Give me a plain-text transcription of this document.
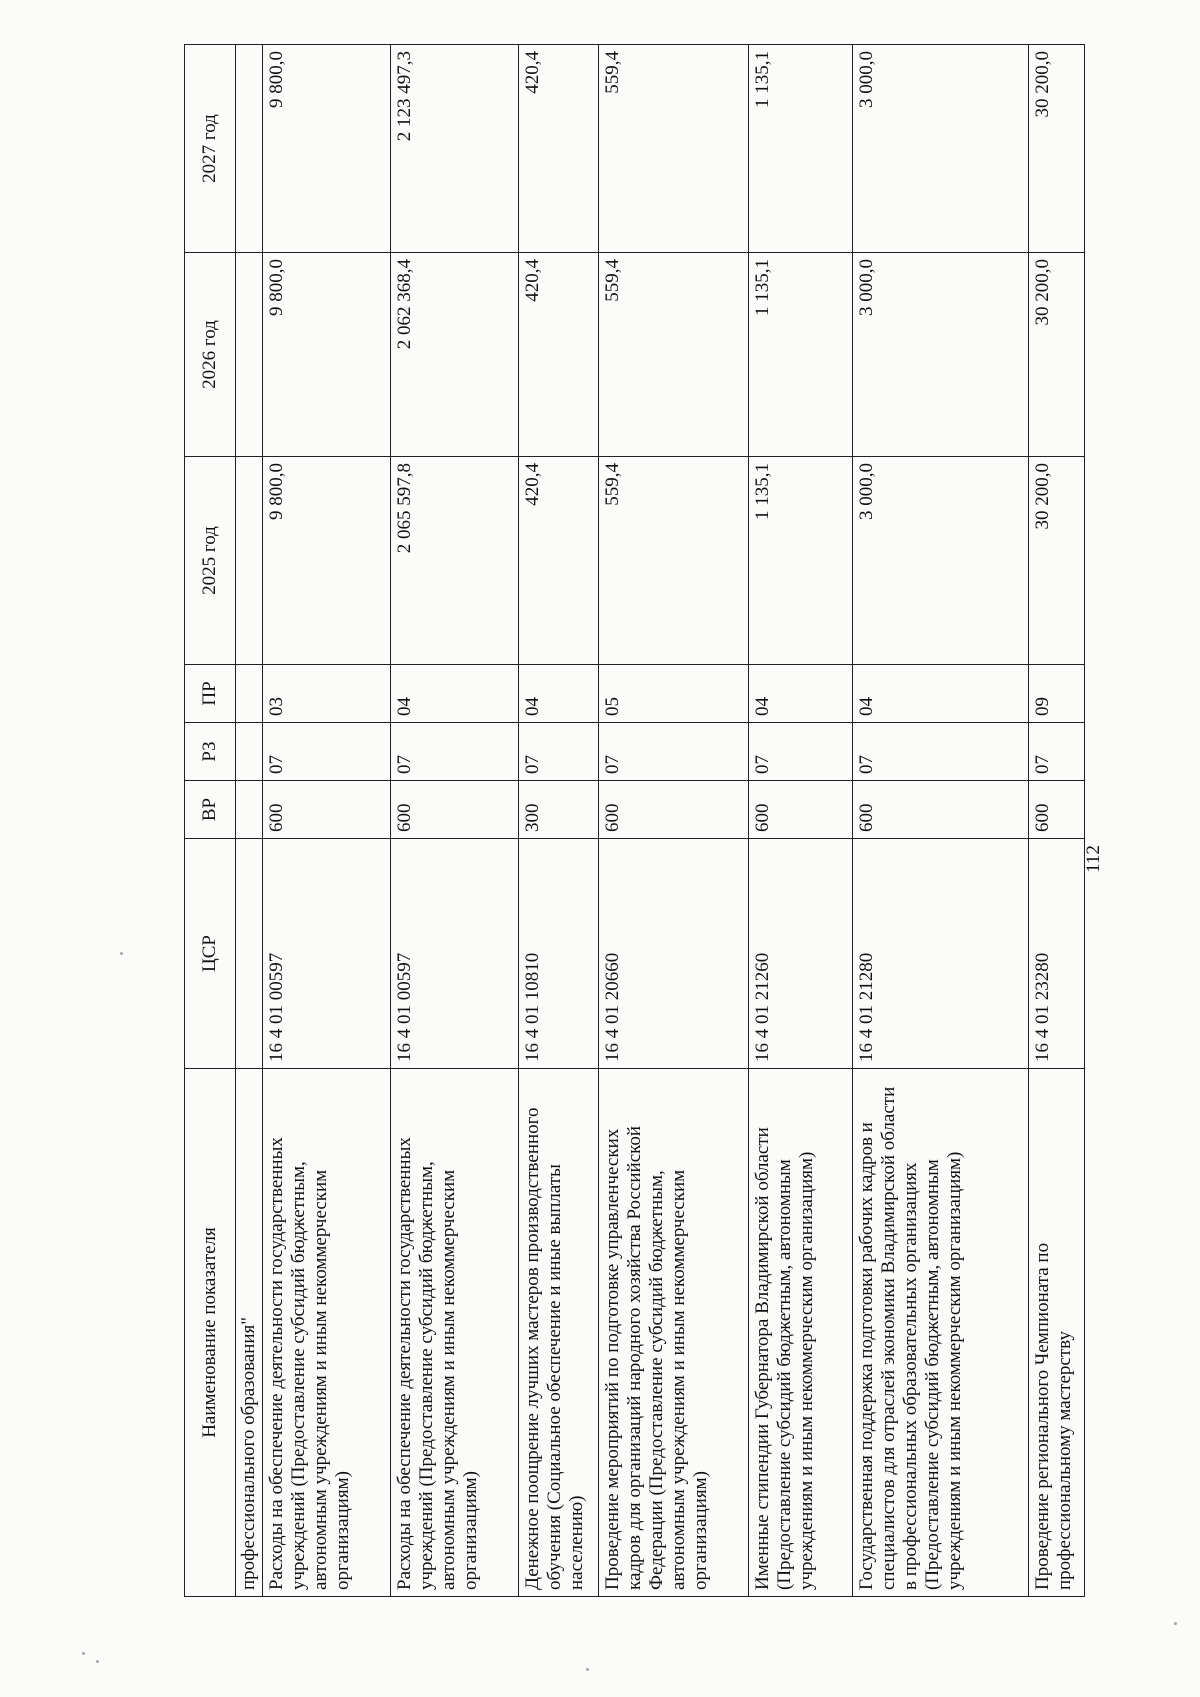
112
Наименование показателя	ЦСР	ВР	РЗ	ПР	2025 год	2026 год	2027 год
профессионального образования"							
Расходы на обеспечение деятельности государственных учреждений (Предоставление субсидий бюджетным, автономным учреждениям и иным некоммерческим организациям)	16 4 01 00597	600	07	03	9 800,0	9 800,0	9 800,0
Расходы на обеспечение деятельности государственных учреждений (Предоставление субсидий бюджетным, автономным учреждениям и иным некоммерческим организациям)	16 4 01 00597	600	07	04	2 065 597,8	2 062 368,4	2 123 497,3
Денежное поощрение лучших мастеров производственного обучения (Социальное обеспечение и иные выплаты населению)	16 4 01 10810	300	07	04	420,4	420,4	420,4
Проведение мероприятий по подготовке управленческих кадров для организаций народного хозяйства Российской Федерации (Предоставление субсидий бюджетным, автономным учреждениям и иным некоммерческим организациям)	16 4 01 20660	600	07	05	559,4	559,4	559,4
Именные стипендии Губернатора Владимирской области (Предоставление субсидий бюджетным, автономным учреждениям и иным некоммерческим организациям)	16 4 01 21260	600	07	04	1 135,1	1 135,1	1 135,1
Государственная поддержка подготовки рабочих кадров и специалистов для отраслей экономики Владимирской области в профессиональных образовательных организациях (Предоставление субсидий бюджетным, автономным учреждениям и иным некоммерческим организациям)	16 4 01 21280	600	07	04	3 000,0	3 000,0	3 000,0
Проведение регионального Чемпионата по профессиональному мастерству	16 4 01 23280	600	07	09	30 200,0	30 200,0	30 200,0
